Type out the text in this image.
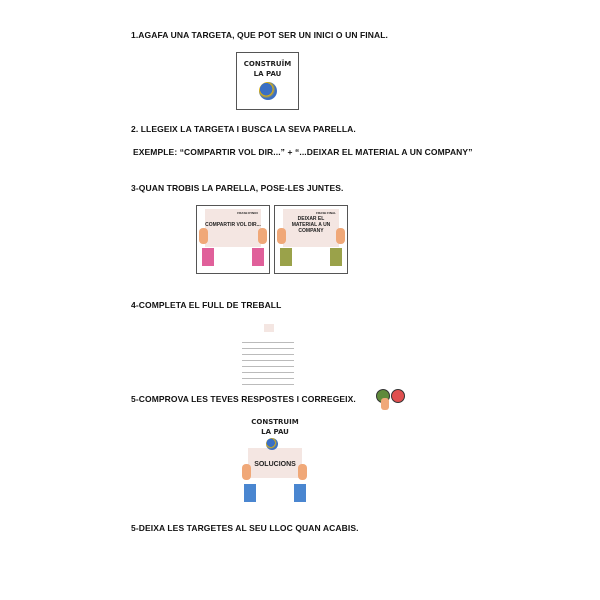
1.AGAFA UNA TARGETA, QUE POT SER UN INICI O UN FINAL.
CONSTRUÏM
LA PAU
2. LLEGEIX LA TARGETA I BUSCA LA SEVA PARELLA.
EXEMPLE: “COMPARTIR VOL DIR...” + “...DEIXAR EL MATERIAL A UN COMPANY”
3-QUAN TROBIS LA PARELLA, POSE-LES JUNTES.
FRASE D'INICI
COMPARTIR VOL DIR...
FRASE FINAL
DEIXAR EL MATERIAL A UN COMPANY
4-COMPLETA EL FULL DE TREBALL
5-COMPROVA LES TEVES RESPOSTES I CORREGEIX.
CONSTRUIM
LA PAU
SOLUCIONS
5-DEIXA LES TARGETES AL SEU LLOC QUAN ACABIS.
